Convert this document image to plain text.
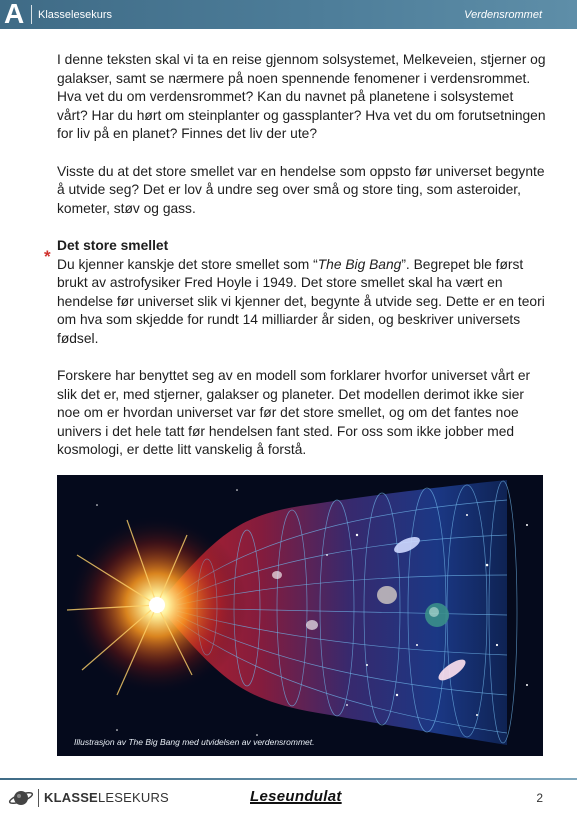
A	Klasselesekurs	Verdensrommet

I denne teksten skal vi ta en reise gjennom solsystemet, Melkeveien, stjerner og galakser, samt se nærmere på noen spennende fenomener i verdensrommet. Hva vet du om verdensrommet? Kan du navnet på planetene i solsystemet vårt? Har du hørt om steinplanter og gassplanter? Hva vet du om forutsetningen for liv på en planet? Finnes det liv der ute?

Visste du at det store smellet var en hendelse som oppsto før universet begynte å utvide seg? Det er lov å undre seg over små og store ting, som asteroider, kometer, støv og gass.

Det store smellet

Du kjenner kanskje det store smellet som “The Big Bang”. Begrepet ble først brukt av astrofysiker Fred Hoyle i 1949. Det store smellet skal ha vært en hendelse før universet slik vi kjenner det, begynte å utvide seg. Dette er en teori om hva som skjedde for rundt 14 milliarder år siden, og beskriver universets fødsel.

Forskere har benyttet seg av en modell som forklarer hvorfor universet vårt er slik det er, med stjerner, galakser og planeter. Det modellen derimot ikke sier noe om er hvordan universet var før det store smellet, og om det fantes noe univers i det hele tatt før hendelsen fant sted. For oss som ikke jobber med kosmologi, er dette litt vanskelig å forstå.

*
Illustrasjon av The Big Bang med utvidelsen av verdensrommet.
KLASSELESEKURS	Leseundulat	2
